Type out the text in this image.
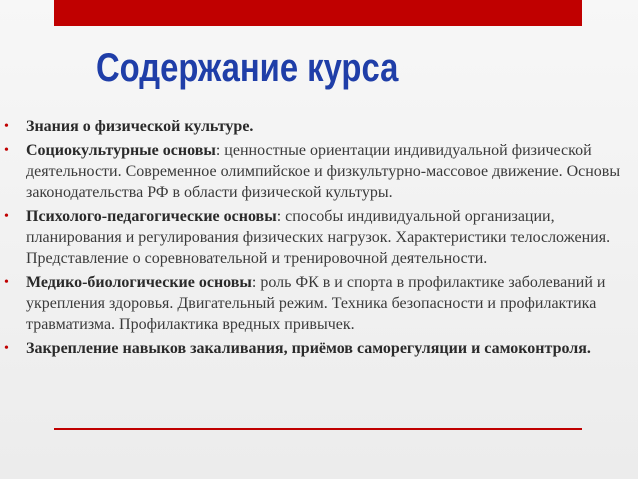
Содержание курса
• Знания о физической культуре.
• Социокультурные основы: ценностные ориентации индивидуальной физической деятельности. Современное олимпийское и физкультурно-массовое движение. Основы законодательства РФ в области физической культуры.
• Психолого-педагогические основы: способы индивидуальной организации, планирования и регулирования физических нагрузок. Характеристики телосложения. Представление о соревновательной и тренировочной деятельности.
• Медико-биологические основы: роль ФК в и спорта в профилактике заболеваний и укрепления здоровья. Двигательный режим. Техника безопасности и профилактика травматизма. Профилактика вредных привычек.
• Закрепление навыков закаливания, приёмов саморегуляции и самоконтроля.
